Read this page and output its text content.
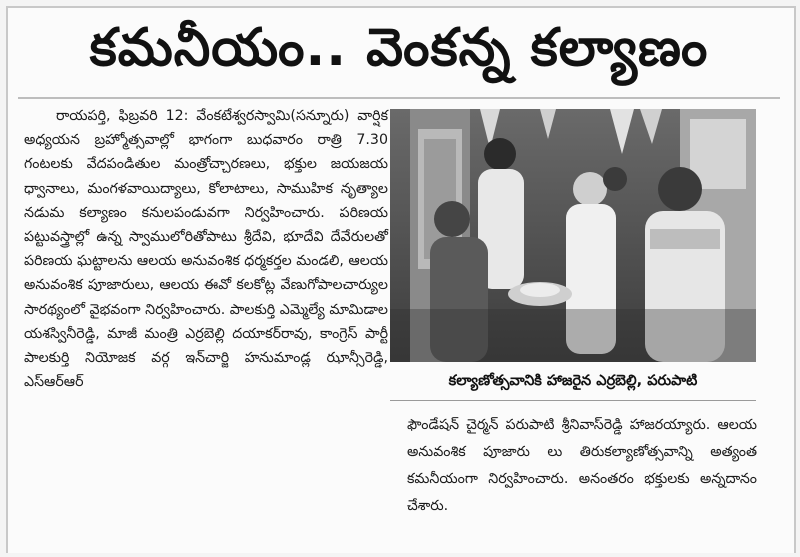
కమనీయం.. వెంకన్న కల్యాణం

రాయపర్తి, ఫిబ్రవరి 12: వేంకటేశ్వరస్వామి(సన్నూరు) వార్షిక అధ్యయన బ్రహ్మోత్సవాల్లో భాగంగా బుధవారం రాత్రి 7.30 గంటలకు వేదపండితుల మంత్రోచ్చారణలు, భక్తుల జయజయ ధ్వానాలు, మంగళవాయిద్యాలు, కోలాటాలు, సాముహిక నృత్యాల నడుమ కల్యాణం కనులపండువగా నిర్వహించారు. పరిణయ పట్టువస్త్రాల్లో ఉన్న స్వాములోరితోపాటు శ్రీదేవి, భూదేవి దేవేరులతో పరిణయ ఘట్టాలను ఆలయ అనువంశిక ధర్మకర్తల మండలి, ఆలయ అనువంశిక పూజారులు, ఆలయ ఈవో కలకోట్ల వేణుగోపాలచార్యుల సారథ్యంలో వైభవంగా నిర్వహించారు. పాలకుర్తి ఎమ్మెల్యే మామిడాల యశస్వినీరెడ్డి, మాజీ మంత్రి ఎర్రబెల్లి దయాకర్‌రావు, కాంగ్రెస్ పార్టీ పాలకుర్తి నియోజక వర్గ ఇన్‌చార్జి హనుమాండ్ల ఝాన్సీరెడ్డి, ఎస్ఆర్ఆర్	కల్యాణోత్సవానికి హాజరైన ఎర్రబెల్లి, పరుపాటి

ఫౌండేషన్ చైర్మన్ పరుపాటి శ్రీనివాస్‌రెడ్డి హాజరయ్యారు. ఆలయ అనువంశిక పూజారు లు తిరుకల్యాణోత్సవాన్ని అత్యంత కమనీయంగా నిర్వహించారు. అనంతరం భక్తులకు అన్నదానం చేశారు.
